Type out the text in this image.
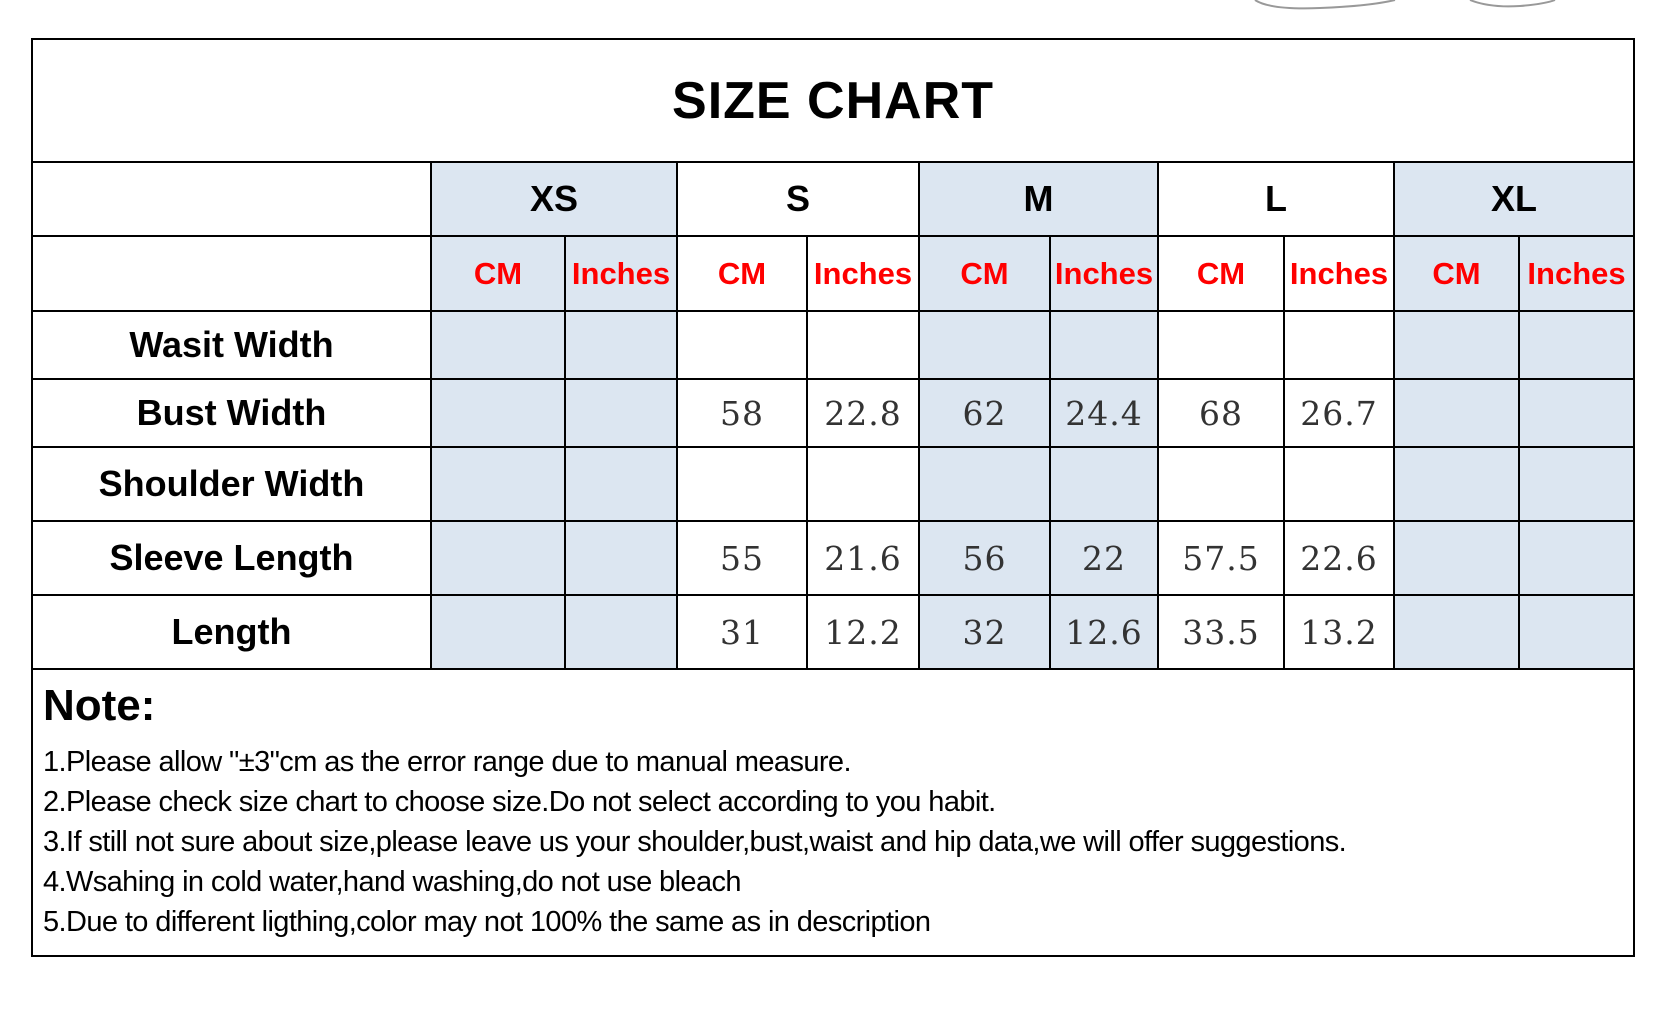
SIZE CHART										
	XS		S		M		L		XL	
	CM	Inches	CM	Inches	CM	Inches	CM	Inches	CM	Inches
Wasit Width										
Bust Width			58	22.8	62	24.4	68	26.7		
Shoulder Width										
Sleeve Length			55	21.6	56	22	57.5	22.6		
Length			31	12.2	32	12.6	33.5	13.2		
Note:
1.Please allow "±3"cm as the error range due to manual measure.
2.Please check size chart to choose size.Do not select according to you habit.
3.If still not sure about size,please leave us your shoulder,bust,waist and hip data,we will offer suggestions.
4.Wsahing in cold water,hand washing,do not use bleach
5.Due to different ligthing,color may not 100% the same as in description
